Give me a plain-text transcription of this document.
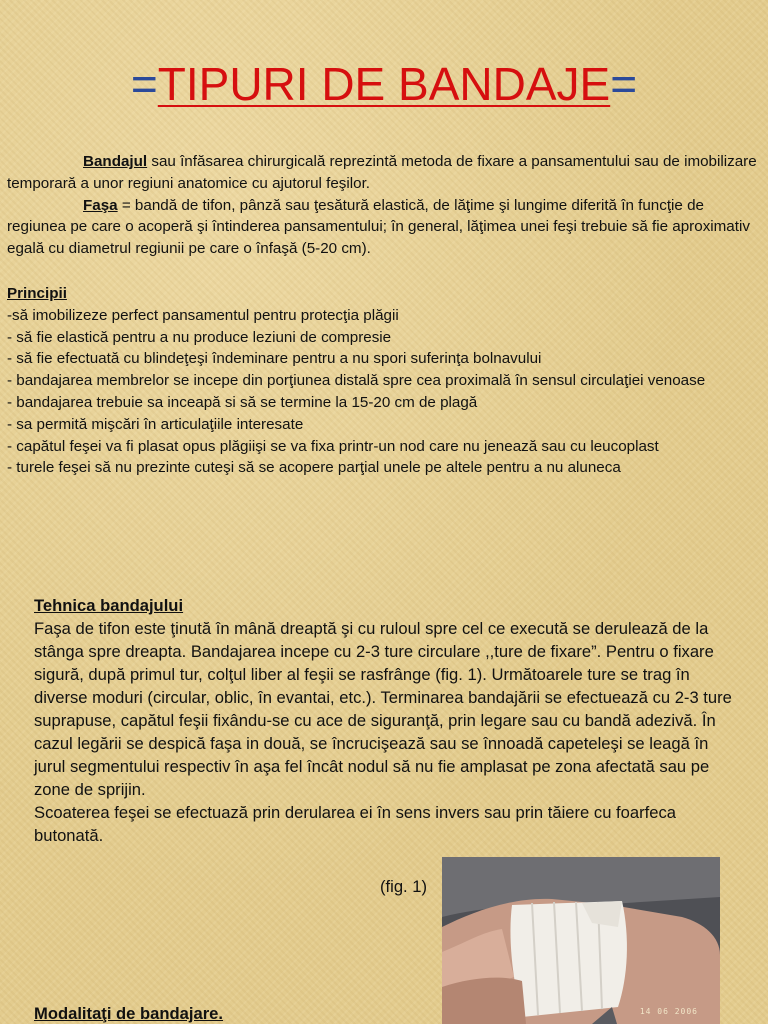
=TIPURI DE BANDAJE=

Bandajul sau înfăsarea chirurgicală reprezintă metoda de fixare a pansamentului sau de imobilizare temporară a unor regiuni anatomice cu ajutorul feşilor.

Faşa = bandă de tifon, pânză sau ţesătură elastică, de lăţime şi lungime diferită în funcţie de regiunea pe care o acoperă şi întinderea pansamentului; în general, lăţimea unei feşi trebuie să fie aproximativ egală cu diametrul regiunii pe care o înfaşă (5-20 cm).

Principii
-să imobilizeze perfect pansamentul pentru protecţia plăgii
- să fie elastică pentru a nu produce leziuni de compresie
- să fie efectuată cu blindeţeşi îndeminare pentru a nu spori suferinţa bolnavului
- bandajarea membrelor se incepe din porţiunea distală spre cea proximală în sensul circulaţiei venoase
- bandajarea trebuie sa inceapă si să se termine la 15-20 cm de plagă
- sa permită mişcări în articulaţiile interesate
- capătul feşei va fi plasat opus plăgiişi se va fixa printr-un nod care nu jenează sau cu leucoplast
- turele feşei să nu prezinte cuteşi să se acopere parţial unele pe altele pentru a nu aluneca
Tehnica bandajului

Faşa de tifon este ţinută în mână dreaptă şi cu ruloul spre cel ce execută se derulează de la stânga spre dreapta. Bandajarea incepe cu 2-3 ture circulare ,,ture de fixare”. Pentru o fixare sigură, după primul tur, colţul liber al feşii se rasfrânge (fig. 1). Următoarele ture se trag în diverse moduri (circular, oblic, în evantai, etc.). Terminarea bandajării se efectuează cu 2-3 ture suprapuse, capătul feşii fixându-se cu ace de siguranţă, prin legare sau cu bandă adezivă. În cazul legării se despică faşa in două, se încrucişează sau se înnoadă capeteleşi se leagă în jurul segmentului respectiv în aşa fel încât nodul să nu fie amplasat pe zona afectată sau pe zone de sprijin.

Scoaterea feşei se efectuază prin derularea ei în sens invers sau prin tăiere cu foarfeca butonată.

(fig. 1)
14 06 2006
Modalitaţi de bandajare.
